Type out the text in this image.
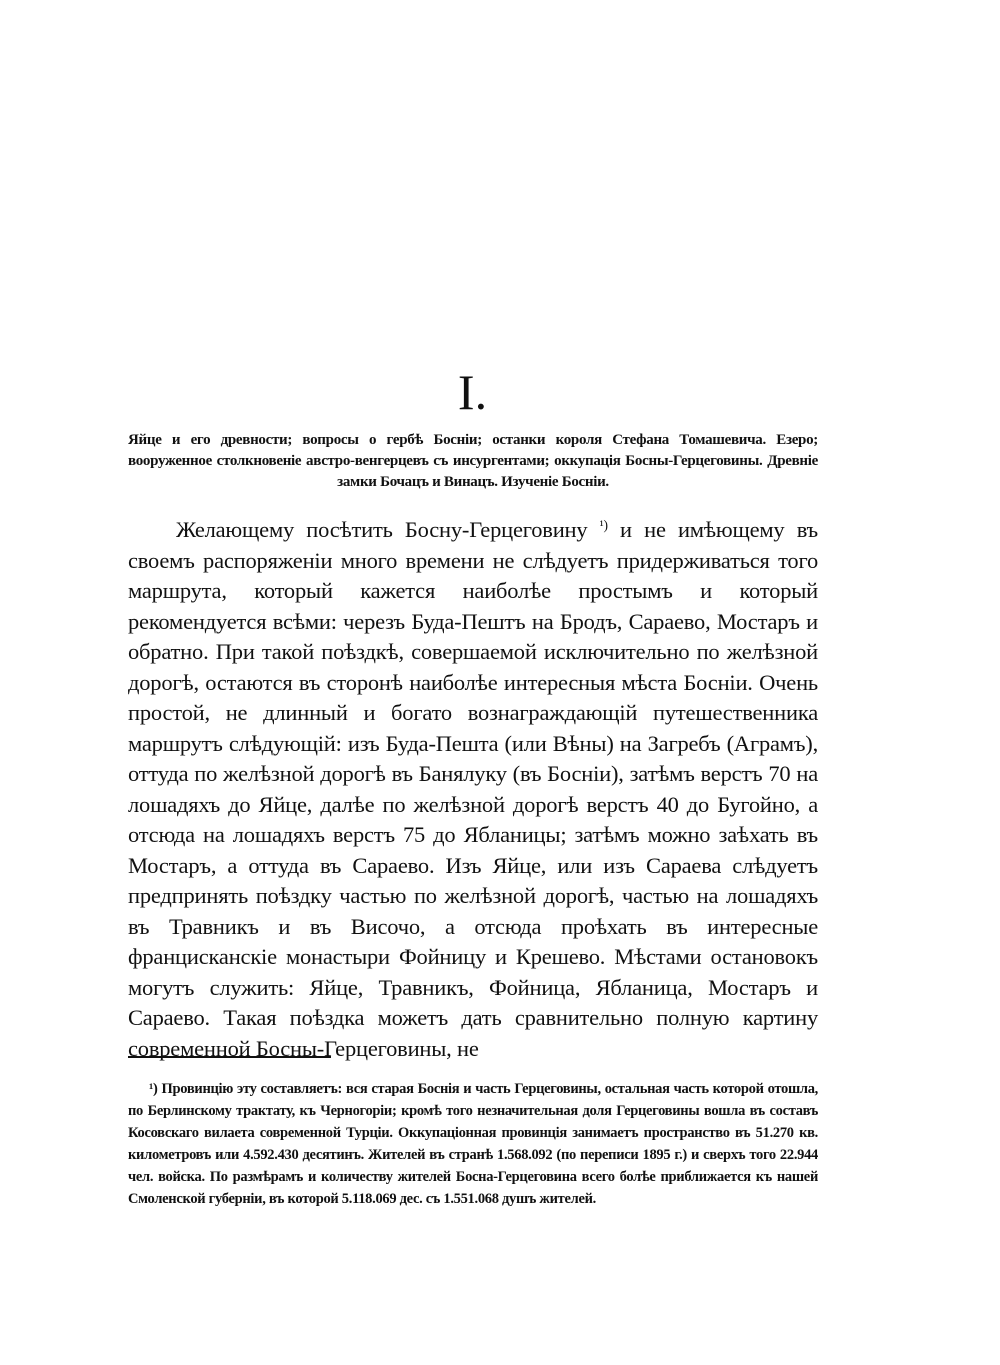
I.
Яйце и его древности; вопросы о гербѣ Босніи; останки короля Стефана Томашевича. Езеро; вооруженное столкновеніе австро-венгерцевъ съ инсургентами; оккупація Босны-Герцеговины. Древніе замки Бочацъ и Винацъ. Изученіе Босніи.

Желающему посѣтить Босну-Герцеговину $^{^1)}$ и не имѣющему въ своемъ распоряженіи много времени не слѣдуетъ придерживаться того маршрута, который кажется наиболѣе простымъ и который рекомендуется всѣми: черезъ Буда-Пештъ на Бродъ, Сараево, Мостаръ и обратно. При такой поѣздкѣ, совершаемой исключительно по желѣзной дорогѣ, остаются въ сторонѣ наиболѣе интересныя мѣста Босніи. Очень простой, не длинный и богато вознаграждающій путешественника маршрутъ слѣдующій: изъ Буда-Пешта (или Вѣны) на Загребъ (Аграмъ), оттуда по желѣзной дорогѣ въ Банялуку (въ Босніи), затѣмъ верстъ 70 на лошадяхъ до Яйце, далѣе по желѣзной дорогѣ верстъ 40 до Бугойно, а отсюда на лошадяхъ верстъ 75 до Ябланицы; затѣмъ можно заѣхать въ Мостаръ, а оттуда въ Сараево. Изъ Яйце, или изъ Сараева слѣдуетъ предпринять поѣздку частью по желѣзной дорогѣ, частью на лошадяхъ въ Травникъ и въ Височо, а отсюда проѣхать въ интересные францисканскіе монастыри Фойницу и Крешево. Мѣстами остановокъ могутъ служить: Яйце, Травникъ, Фойница, Ябланица, Мостаръ и Сараево. Такая поѣздка можетъ дать сравнительно полную картину современной Босны-Герцеговины, не

¹) Провинцію эту составляетъ: вся старая Боснія и часть Герцеговины, остальная часть которой отошла, по Берлинскому трактату, къ Черногоріи; кромѣ того незначительная доля Герцеговины вошла въ составъ Косовскаго вилаета современной Турціи. Оккупаціонная провинція занимаетъ пространство въ 51.270 кв. километровъ или 4.592.430 десятинъ. Жителей въ странѣ 1.568.092 (по переписи 1895 г.) и сверхъ того 22.944 чел. войска. По размѣрамъ и количеству жителей Босна-Герцеговина всего болѣе приближается къ нашей Смоленской губерніи, въ которой 5.118.069 дес. съ 1.551.068 душъ жителей.
